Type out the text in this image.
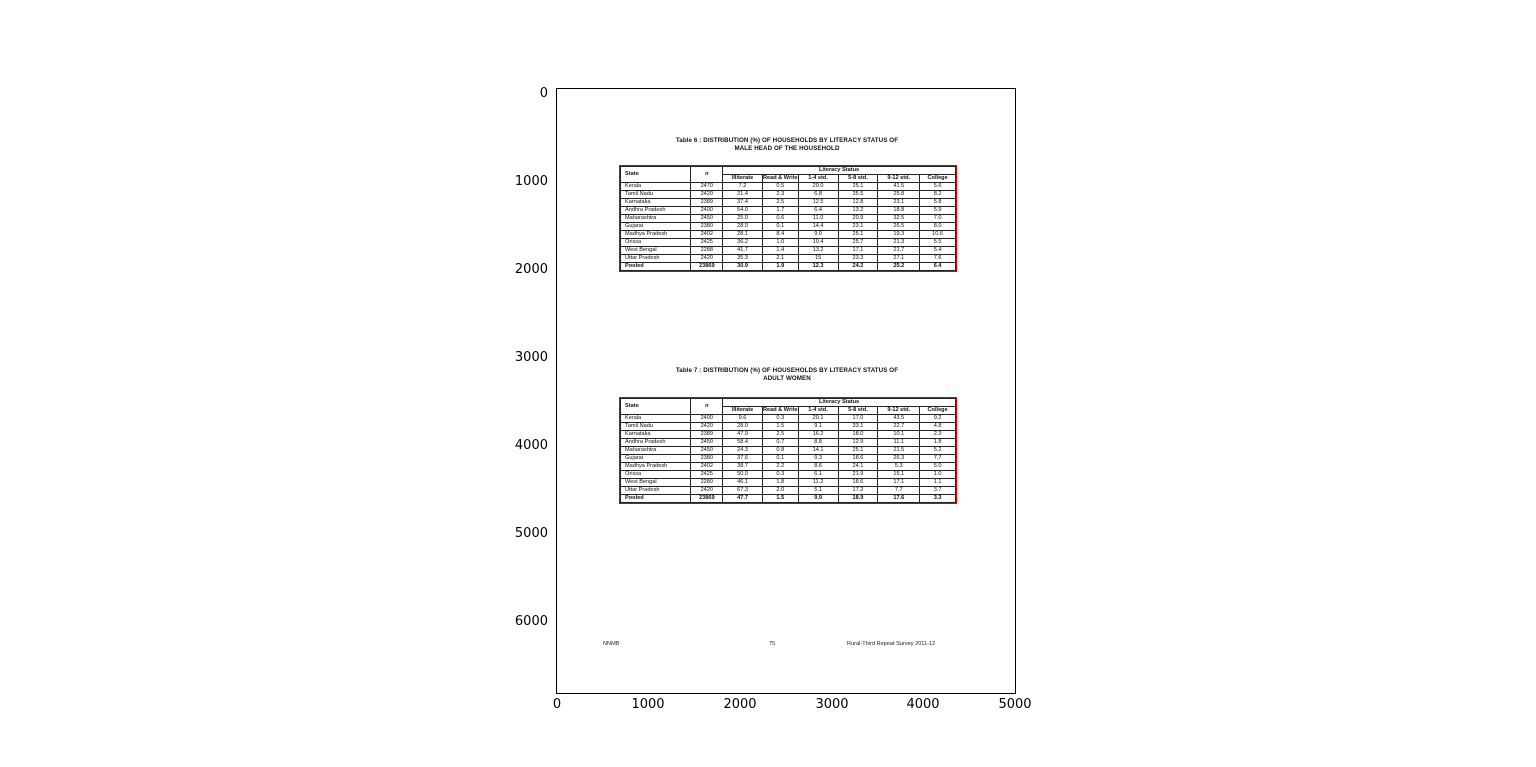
0
1000
2000
3000
4000
5000
6000
0	1000	2000	3000	4000	5000
Table 6 : DISTRIBUTION (%) OF HOUSEHOLDS BY LITERACY STATUS OF
MALE HEAD OF THE HOUSEHOLD
State	n	Literacy Status					
		Illiterate	Read & Write	1-4 std.	5-8 std.	9-12 std.	College
Kerala	2470	7.2	0.5	20.0	25.1	41.5	5.6
Tamil Nadu	2420	21.4	2.3	6.8	35.5	25.8	8.2
Karnataka	2389	37.4	2.5	12.5	12.8	23.1	5.8
Andhra Pradesh	2400	54.0	1.7	6.4	13.2	18.8	5.9
Maharashtra	2450	25.0	0.6	11.0	20.9	32.5	7.0
Gujarat	2380	28.0	0.1	14.4	23.1	26.5	8.0
Madhya Pradesh	2402	28.1	8.4	9.0	25.1	19.3	10.6
Orissa	2425	36.2	1.0	10.4	25.7	21.3	5.5
West Bengal	2288	41.7	1.4	13.2	17.1	21.7	5.4
Uttar Pradesh	2420	35.3	2.1	15	23.3	27.1	7.6
Pooled	23869	30.9	1.9	12.3	24.2	25.2	6.4
Table 7 : DISTRIBUTION (%) OF HOUSEHOLDS BY LITERACY STATUS OF
ADULT WOMEN
State	n	Literacy Status					
		Illiterate	Read & Write	1-4 std.	5-8 std.	9-12 std.	College
Kerala	2400	9.6	0.3	20.1	17.0	43.5	9.2
Tamil Nadu	2420	28.0	1.5	9.1	33.1	22.7	4.8
Karnataka	2389	47.9	2.5	16.2	18.0	10.1	2.3
Andhra Pradesh	2450	58.4	0.7	8.8	12.9	11.1	1.8
Maharashtra	2450	24.3	0.8	14.1	25.1	21.5	5.2
Gujarat	2380	37.6	0.1	9.3	18.6	26.3	7.7
Madhya Pradesh	2402	38.7	2.2	8.6	24.1	5.3	5.0
Orissa	2425	50.0	0.3	6.1	21.9	15.1	1.0
West Bengal	2280	46.1	1.8	11.2	18.6	17.1	1.1
Uttar Pradesh	2420	67.3	2.0	5.1	17.2	7.7	3.7
Pooled	23869	47.7	1.5	9.9	18.9	17.6	3.3
NNMB	75	Rural-Third Repeat Survey 2011-12
